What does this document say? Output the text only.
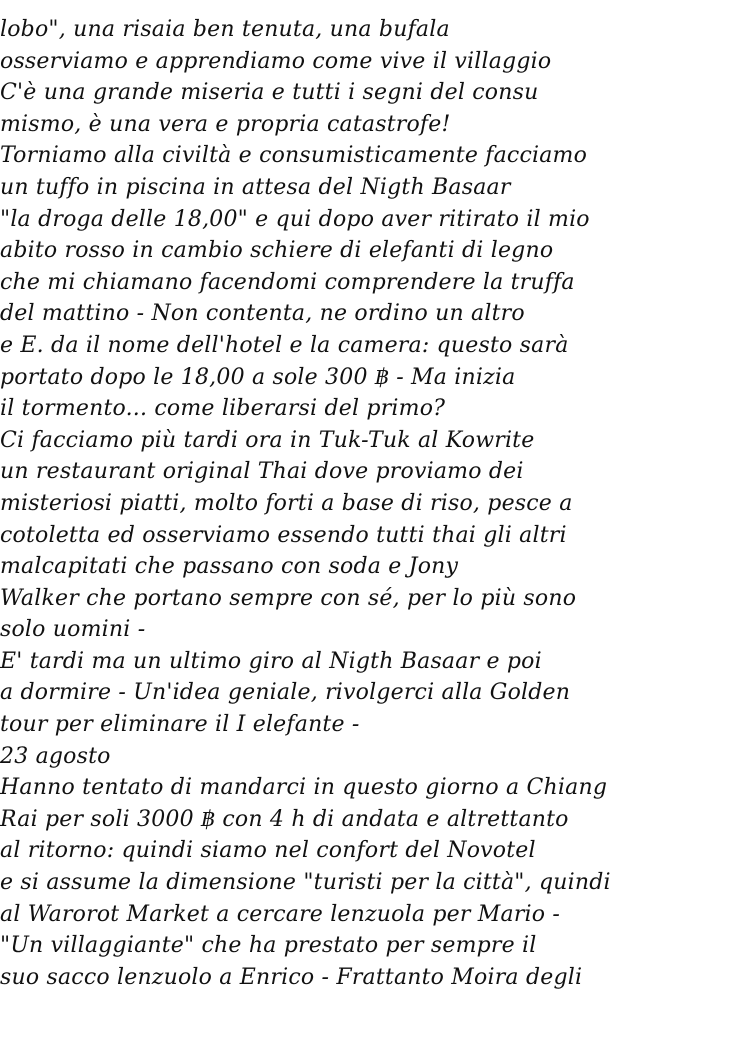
lobo", una risaia ben tenuta, una bufala
osserviamo e apprendiamo come vive il villaggio
C'è una grande miseria e tutti i segni del consu
mismo, è una vera e propria catastrofe!
Torniamo alla civiltà e consumisticamente facciamo
un tuffo in piscina in attesa del Nigth Basaar
"la droga delle 18,00" e qui dopo aver ritirato il mio
abito rosso in cambio schiere di elefanti di legno
che mi chiamano facendomi comprendere la truffa
del mattino - Non contenta, ne ordino un altro
e E. da il nome dell'hotel e la camera: questo sarà
portato dopo le 18,00 a sole 300 ฿ - Ma inizia
il tormento... come liberarsi del primo?
Ci facciamo più tardi ora in Tuk-Tuk al Kowrite
un restaurant original Thai dove proviamo dei
misteriosi piatti, molto forti a base di riso, pesce a
cotoletta ed osserviamo essendo tutti thai gli altri
malcapitati che passano con soda e Jony
Walker che portano sempre con sé, per lo più sono
solo uomini -
E' tardi ma un ultimo giro al Nigth Basaar e poi
a dormire - Un'idea geniale, rivolgerci alla Golden
tour per eliminare il I elefante -
23 agosto
Hanno tentato di mandarci in questo giorno a Chiang
Rai per soli 3000 ฿ con 4 h di andata e altrettanto
al ritorno: quindi siamo nel confort del Novotel
e si assume la dimensione "turisti per la città", quindi
al Warorot Market a cercare lenzuola per Mario -
"Un villaggiante" che ha prestato per sempre il
suo sacco lenzuolo a Enrico - Frattanto Moira degli
